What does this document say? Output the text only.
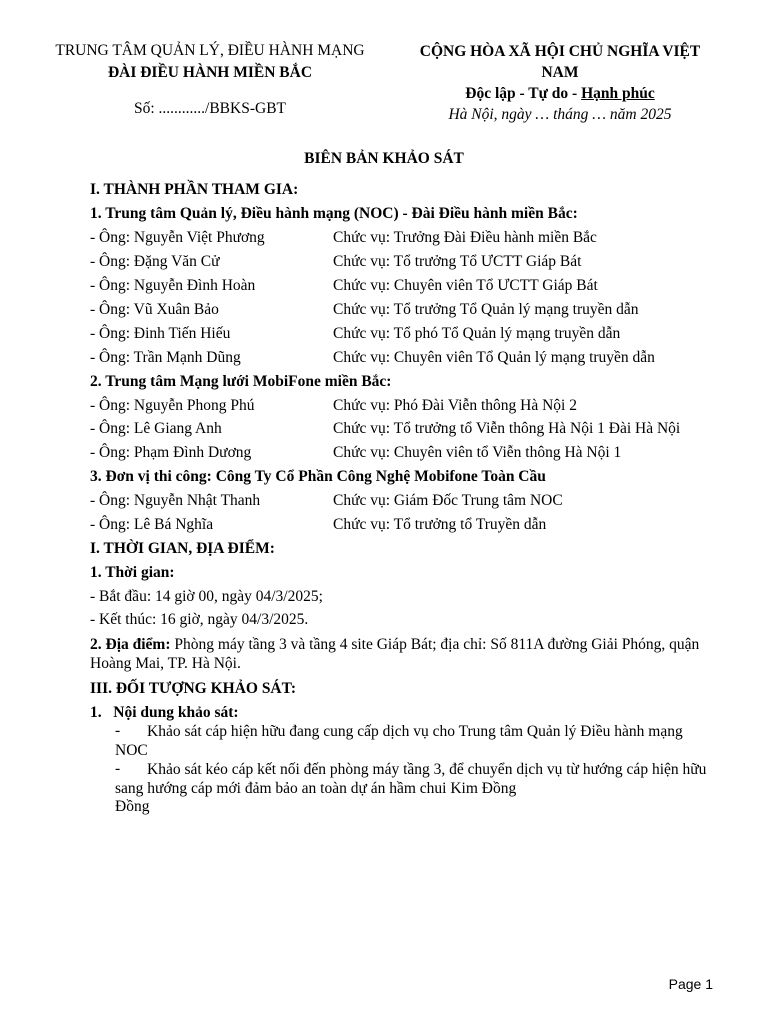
TRUNG TÂM QUẢN LÝ, ĐIỀU HÀNH MẠNG
ĐÀI ĐIỀU HÀNH MIỀN BẮC
Số: ............/BBKS-GBT
CỘNG HÒA XÃ HỘI CHỦ NGHĨA VIỆT NAM
Độc lập - Tự do - Hạnh phúc
Hà Nội, ngày … tháng … năm 2025
BIÊN BẢN KHẢO SÁT
I. THÀNH PHẦN THAM GIA:
1. Trung tâm Quản lý, Điều hành mạng (NOC) - Đài Điều hành miền Bắc:
- Ông: Nguyễn Việt Phương	Chức vụ: Trưởng Đài Điều hành miền Bắc
- Ông: Đặng Văn Cử	Chức vụ: Tổ trưởng Tổ ƯCTT Giáp Bát
- Ông: Nguyễn Đình Hoàn	Chức vụ: Chuyên viên Tổ ƯCTT Giáp Bát
- Ông: Vũ Xuân Bảo	Chức vụ: Tổ trưởng Tổ Quản lý mạng truyền dẫn
- Ông: Đinh Tiến Hiếu	Chức vụ: Tổ phó Tổ Quản lý mạng truyền dẫn
- Ông: Trần Mạnh Dũng	Chức vụ: Chuyên viên Tổ Quản lý mạng truyền dẫn
2. Trung tâm Mạng lưới MobiFone miền Bắc:
- Ông: Nguyễn Phong Phú	Chức vụ: Phó Đài Viễn thông Hà Nội 2
- Ông: Lê Giang Anh	Chức vụ: Tổ trưởng tổ Viễn thông Hà Nội 1 Đài Hà Nội
- Ông: Phạm Đình Dương	Chức vụ: Chuyên viên tổ Viễn thông Hà Nội 1
3. Đơn vị thi công: Công Ty Cổ Phần Công Nghệ Mobifone Toàn Cầu
- Ông: Nguyễn Nhật Thanh	Chức vụ: Giám Đốc Trung tâm NOC
- Ông: Lê Bá Nghĩa	Chức vụ: Tổ trưởng tổ Truyền dẫn
I. THỜI GIAN, ĐỊA ĐIỂM:
1. Thời gian:
- Bắt đầu: 14 giờ 00, ngày 04/3/2025;
- Kết thúc: 16 giờ, ngày 04/3/2025.
2. Địa điểm: Phòng máy tầng 3 và tầng 4 site Giáp Bát; địa chỉ: Số 811A đường Giải Phóng, quận Hoàng Mai, TP. Hà Nội.
III. ĐỐI TƯỢNG KHẢO SÁT:
1.   Nội dung khảo sát:
-	Khảo sát cáp hiện hữu đang cung cấp dịch vụ cho Trung tâm Quản lý Điều hành mạng NOC
-	Khảo sát kéo cáp kết nối đến phòng máy tầng 3, để chuyển dịch vụ từ hướng cáp hiện hữu sang hướng cáp mới đảm bảo an toàn dự án hầm chui Kim Đồng
Đồng
Page 1
